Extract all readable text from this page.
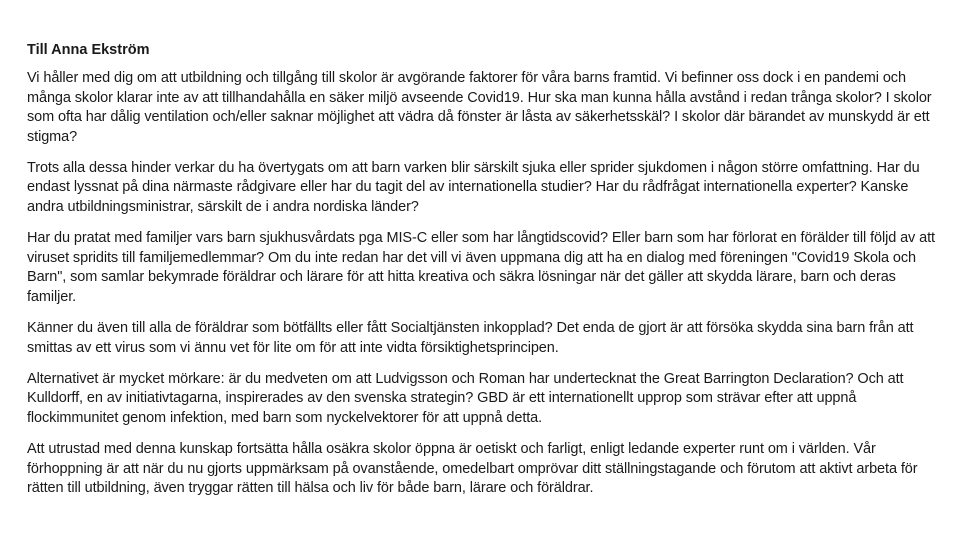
Till Anna Ekström

Vi håller med dig om att utbildning och tillgång till skolor är avgörande faktorer för våra barns framtid. Vi befinner oss dock i en pandemi och många skolor klarar inte av att tillhandahålla en säker miljö avseende Covid19. Hur ska man kunna hålla avstånd i redan trånga skolor? I skolor som ofta har dålig ventilation och/eller saknar möjlighet att vädra då fönster är låsta av säkerhetsskäl? I skolor där bärandet av munskydd är ett stigma?

Trots alla dessa hinder verkar du ha övertygats om att barn varken blir särskilt sjuka eller sprider sjukdomen i någon större omfattning. Har du endast lyssnat på dina närmaste rådgivare eller har du tagit del av internationella studier? Har du rådfrågat internationella experter? Kanske andra utbildningsministrar, särskilt de i andra nordiska länder?

Har du pratat med familjer vars barn sjukhusvårdats pga MIS-C eller som har långtidscovid? Eller barn som har förlorat en förälder till följd av att viruset spridits till familjemedlemmar? Om du inte redan har det vill vi även uppmana dig att ha en dialog med föreningen "Covid19 Skola och Barn", som samlar bekymrade föräldrar och lärare för att hitta kreativa och säkra lösningar när det gäller att skydda lärare, barn och deras familjer.

Känner du även till alla de föräldrar som bötfällts eller fått Socialtjänsten inkopplad? Det enda de gjort är att försöka skydda sina barn från att smittas av ett virus som vi ännu vet för lite om för att inte vidta försiktighetsprincipen.

Alternativet är mycket mörkare: är du medveten om att Ludvigsson och Roman har undertecknat the Great Barrington Declaration? Och att Kulldorff, en av initiativtagarna, inspirerades av den svenska strategin? GBD är ett internationellt upprop som strävar efter att uppnå flockimmunitet genom infektion, med barn som nyckelvektorer för att uppnå detta.

Att utrustad med denna kunskap fortsätta hålla osäkra skolor öppna är oetiskt och farligt, enligt ledande experter runt om i världen. Vår förhoppning är att när du nu gjorts uppmärksam på ovanstående, omedelbart omprövar ditt ställningstagande och förutom att aktivt arbeta för rätten till utbildning, även tryggar rätten till hälsa och liv för både barn, lärare och föräldrar.
